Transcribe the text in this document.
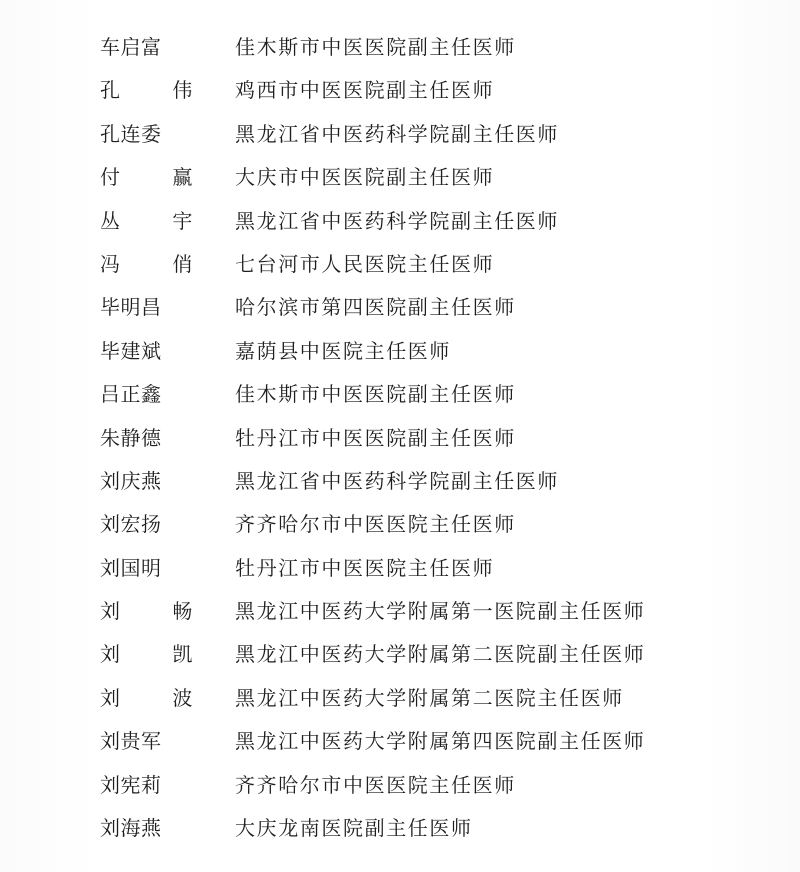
车启富	佳木斯市中医医院副主任医师
孔 伟 鸡西市中医医院副主任医师
孔连委	黑龙江省中医药科学院副主任医师
付 赢 大庆市中医医院副主任医师
丛 宇 黑龙江省中医药科学院副主任医师
冯 俏 七台河市人民医院主任医师
毕明昌	哈尔滨市第四医院副主任医师
毕建斌	嘉荫县中医院主任医师
吕正鑫	佳木斯市中医医院副主任医师
朱静德	牡丹江市中医医院副主任医师
刘庆燕	黑龙江省中医药科学院副主任医师
刘宏扬	齐齐哈尔市中医医院主任医师
刘国明	牡丹江市中医医院主任医师
刘 畅 黑龙江中医药大学附属第一医院副主任医师
刘 凯 黑龙江中医药大学附属第二医院副主任医师
刘 波 黑龙江中医药大学附属第二医院主任医师
刘贵军	黑龙江中医药大学附属第四医院副主任医师
刘宪莉	齐齐哈尔市中医医院主任医师
刘海燕	大庆龙南医院副主任医师
